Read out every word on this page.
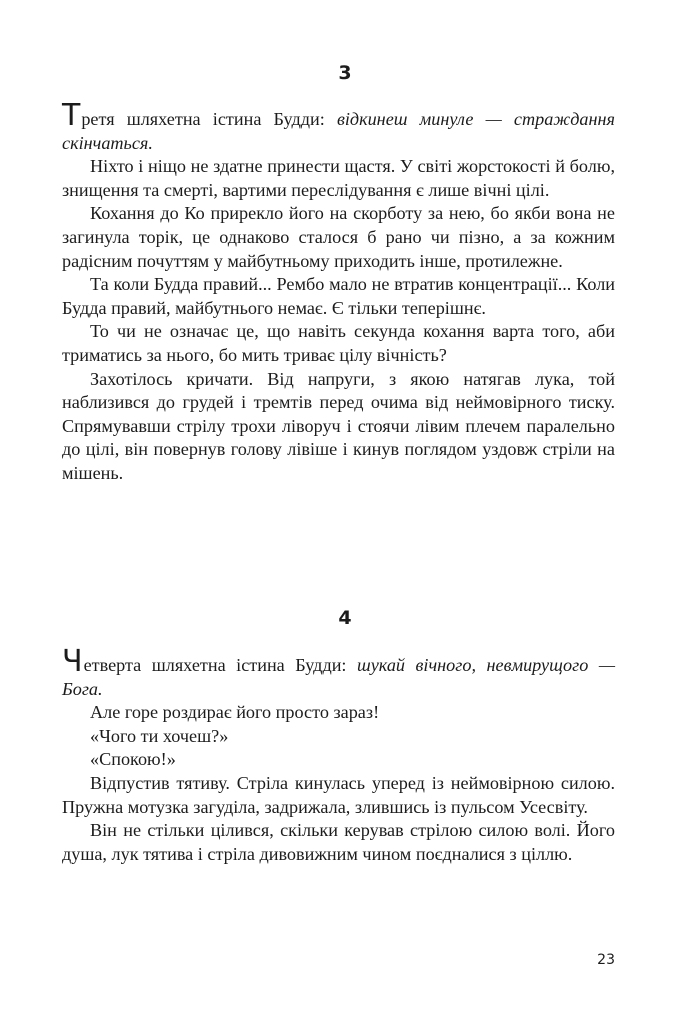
3

Третя шляхетна істина Будди: відкинеш минуле — страждання скінчаться.

Ніхто і ніщо не здатне принести щастя. У світі жорстокості й болю, знищення та смерті, вартими переслідування є лише вічні цілі.

Кохання до Ко прирекло його на скорботу за нею, бо якби вона не загинула торік, це однаково сталося б рано чи пізно, а за кожним радісним почуттям у майбутньому приходить інше, протилежне.

Та коли Будда правий... Рембо мало не втратив концентрації... Коли Будда правий, майбутнього немає. Є тільки теперішнє.

То чи не означає це, що навіть секунда кохання варта того, аби триматись за нього, бо мить триває цілу вічність?

Захотілось кричати. Від напруги, з якою натягав лука, той наблизився до грудей і тремтів перед очима від неймовірного тиску. Спрямувавши стрілу трохи ліворуч і стоячи лівим плечем паралельно до цілі, він повернув голову лівіше і кинув поглядом уздовж стріли на мішень.

4

Четверта шляхетна істина Будди: шукай вічного, невмирущого — Бога.

Але горе роздирає його просто зараз!

«Чого ти хочеш?»

«Спокою!»

Відпустив тятиву. Стріла кинулась уперед із неймовірною силою. Пружна мотузка загуділа, задрижала, злившись із пульсом Усесвіту.

Він не стільки цілився, скільки керував стрілою силою волі. Його душа, лук тятива і стріла дивовижним чином поєдналися з ціллю.

23
